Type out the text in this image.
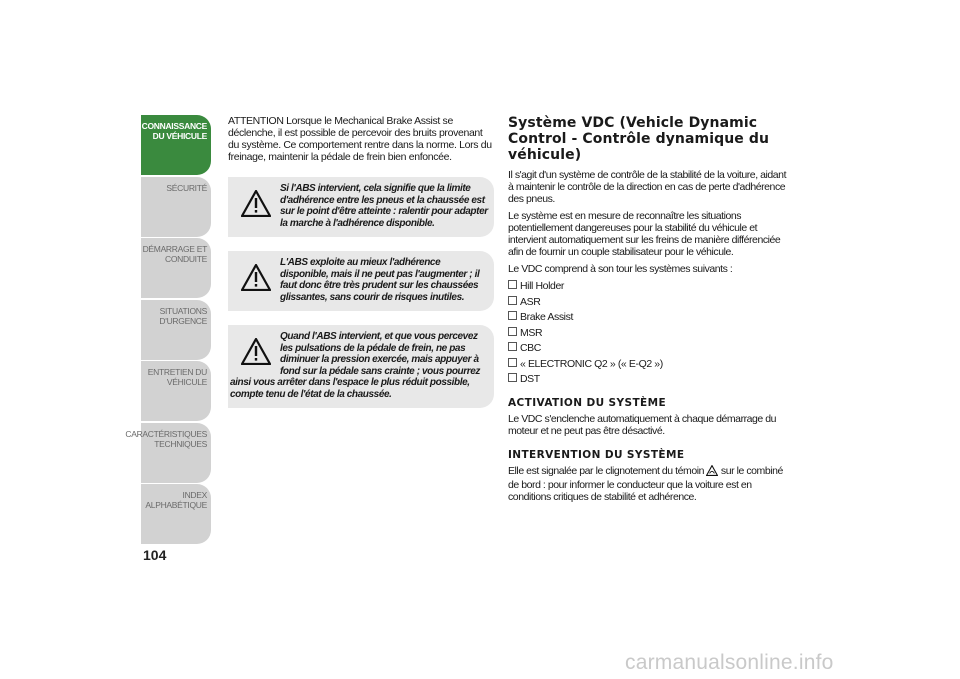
CONNAISSANCE
DU VÉHICULE
SÉCURITÉ
DÉMARRAGE ET
CONDUITE
SITUATIONS
D'URGENCE
ENTRETIEN DU
VÉHICULE
CARACTÉRISTIQUES
TECHNIQUES
INDEX
ALPHABÉTIQUE
104

ATTENTION Lorsque le Mechanical Brake Assist se déclenche, il est possible de percevoir des bruits provenant du système. Ce comportement rentre dans la norme. Lors du freinage, maintenir la pédale de frein bien enfoncée.

Si l'ABS intervient, cela signifie que la limite d'adhérence entre les pneus et la chaussée est sur le point d'être atteinte : ralentir pour adapter la marche à l'adhérence disponible.

L'ABS exploite au mieux l'adhérence disponible, mais il ne peut pas l'augmenter ; il faut donc être très prudent sur les chaussées glissantes, sans courir de risques inutiles.

Quand l'ABS intervient, et que vous percevez les pulsations de la pédale de frein, ne pas diminuer la pression exercée, mais appuyer à fond sur la pédale sans crainte ; vous pourrez ainsi vous arrêter dans l'espace le plus réduit possible, compte tenu de l'état de la chaussée.

Système VDC (Vehicle Dynamic Control - Contrôle dynamique du véhicule)

Il s'agit d'un système de contrôle de la stabilité de la voiture, aidant à maintenir le contrôle de la direction en cas de perte d'adhérence des pneus.

Le système est en mesure de reconnaître les situations potentiellement dangereuses pour la stabilité du véhicule et intervient automatiquement sur les freins de manière différenciée afin de fournir un couple stabilisateur pour le véhicule.

Le VDC comprend à son tour les systèmes suivants :

Hill Holder
ASR
Brake Assist
MSR
CBC
« ELECTRONIC Q2 » (« E-Q2 »)
DST
ACTIVATION DU SYSTÈME

Le VDC s'enclenche automatiquement à chaque démarrage du moteur et ne peut pas être désactivé.

INTERVENTION DU SYSTÈME

Elle est signalée par le clignotement du témoin sur le combiné de bord : pour informer le conducteur que la voiture est en conditions critiques de stabilité et adhérence.

carmanualsonline.info
